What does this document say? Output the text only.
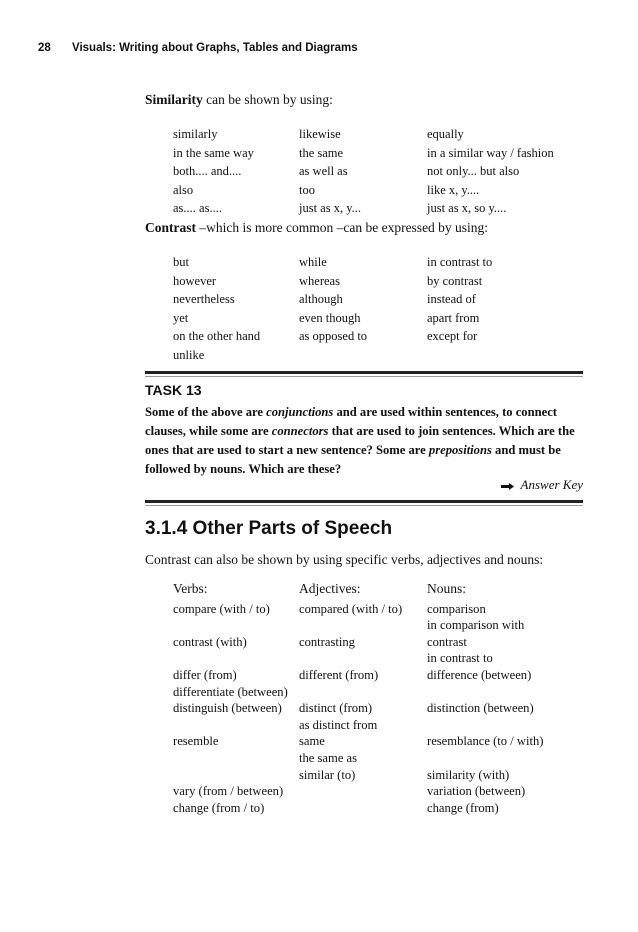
28 Visuals: Writing about Graphs, Tables and Diagrams
Similarity can be shown by using:
similarly
in the same way
both.... and....
also
as.... as....
likewise
the same
as well as
too
just as x, y...
equally
in a similar way / fashion
not only... but also
like x, y....
just as x, so y....
Contrast –which is more common –can be expressed by using:
but
however
nevertheless
yet
on the other hand
unlike
while
whereas
although
even though
as opposed to
in contrast to
by contrast
instead of
apart from
except for
TASK 13
Some of the above are conjunctions and are used within sentences, to connect clauses, while some are connectors that are used to join sentences. Which are the ones that are used to start a new sentence? Some are prepositions and must be followed by nouns. Which are these?
Answer Key
3.1.4 Other Parts of Speech
Contrast can also be shown by using specific verbs, adjectives and nouns:
Verbs:
compare (with / to)
contrast (with)
differ (from)
differentiate (between)
distinguish (between)
resemble
vary (from / between)
change (from / to)
Adjectives:
compared (with / to)
contrasting
different (from)
distinct (from)
as distinct from
same
the same as
similar (to)
Nouns:
comparison
in comparison with
contrast
in contrast to
difference (between)
distinction (between)
resemblance (to / with)
similarity (with)
variation (between)
change (from)
